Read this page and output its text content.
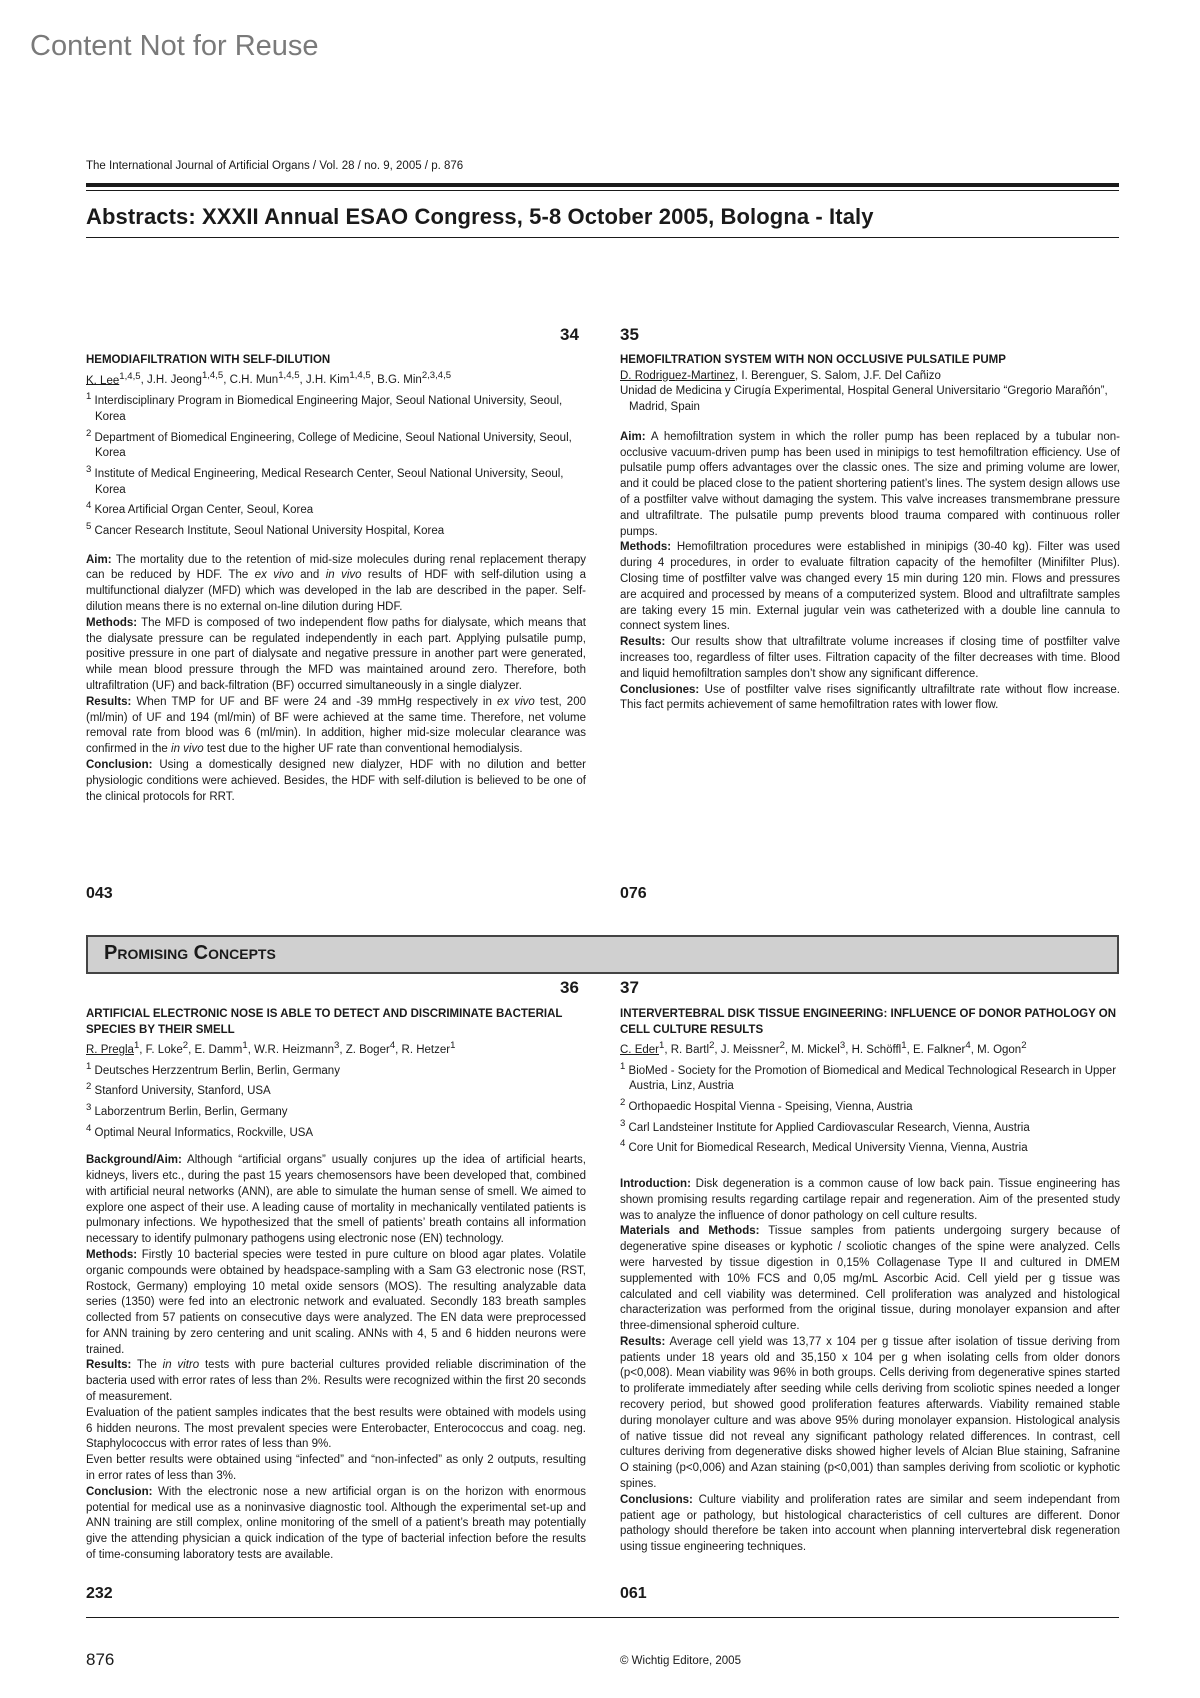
Content Not for Reuse
The International Journal of Artificial Organs / Vol. 28 / no. 9, 2005 / p. 876
Abstracts: XXXII Annual ESAO Congress, 5-8 October 2005, Bologna - Italy
34 35
HEMODIAFILTRATION WITH SELF-DILUTION

K. Lee$^{1,4,5}$, J.H. Jeong$^{1,4,5}$, C.H. Mun$^{1,4,5}$, J.H. Kim$^{1,4,5}$, B.G. Min$^{2,3,4,5}$

$^1$ Interdisciplinary Program in Biomedical Engineering Major, Seoul National University, Seoul, Korea

$^2$ Department of Biomedical Engineering, College of Medicine, Seoul National University, Seoul, Korea

$^3$ Institute of Medical Engineering, Medical Research Center, Seoul National University, Seoul, Korea

$^4$ Korea Artificial Organ Center, Seoul, Korea

$^5$ Cancer Research Institute, Seoul National University Hospital, Korea

Aim: The mortality due to the retention of mid-size molecules during renal replacement therapy can be reduced by HDF. The ex vivo and in vivo results of HDF with self-dilution using a multifunctional dialyzer (MFD) which was developed in the lab are described in the paper. Self-dilution means there is no external on-line dilution during HDF.

Methods: The MFD is composed of two independent flow paths for dialysate, which means that the dialysate pressure can be regulated independently in each part. Applying pulsatile pump, positive pressure in one part of dialysate and negative pressure in another part were generated, while mean blood pressure through the MFD was maintained around zero. Therefore, both ultrafiltration (UF) and back-filtration (BF) occurred simultaneously in a single dialyzer.

Results: When TMP for UF and BF were 24 and -39 mmHg respectively in ex vivo test, 200 (ml/min) of UF and 194 (ml/min) of BF were achieved at the same time. Therefore, net volume removal rate from blood was 6 (ml/min). In addition, higher mid-size molecular clearance was confirmed in the in vivo test due to the higher UF rate than conventional hemodialysis.

Conclusion: Using a domestically designed new dialyzer, HDF with no dilution and better physiologic conditions were achieved. Besides, the HDF with self-dilution is believed to be one of the clinical protocols for RRT.

HEMOFILTRATION SYSTEM WITH NON OCCLUSIVE PULSATILE PUMP

D. Rodriguez-Martinez, I. Berenguer, S. Salom, J.F. Del Cañizo

Unidad de Medicina y Cirugía Experimental, Hospital General Universitario “Gregorio Marañón”, Madrid, Spain

Aim: A hemofiltration system in which the roller pump has been replaced by a tubular non-occlusive vacuum-driven pump has been used in minipigs to test hemofiltration efficiency. Use of pulsatile pump offers advantages over the classic ones. The size and priming volume are lower, and it could be placed close to the patient shortering patient’s lines. The system design allows use of a postfilter valve without damaging the system. This valve increases transmembrane pressure and ultrafiltrate. The pulsatile pump prevents blood trauma compared with continuous roller pumps.

Methods: Hemofiltration procedures were established in minipigs (30-40 kg). Filter was used during 4 procedures, in order to evaluate filtration capacity of the hemofilter (Minifilter Plus). Closing time of postfilter valve was changed every 15 min during 120 min. Flows and pressures are acquired and processed by means of a computerized system. Blood and ultrafiltrate samples are taking every 15 min. External jugular vein was catheterized with a double line cannula to connect system lines.

Results: Our results show that ultrafiltrate volume increases if closing time of postfilter valve increases too, regardless of filter uses. Filtration capacity of the filter decreases with time. Blood and liquid hemofiltration samples don’t show any significant difference.

Conclusiones: Use of postfilter valve rises significantly ultrafiltrate rate without flow increase. This fact permits achievement of same hemofiltration rates with lower flow.

043	076
Promising Concepts
36 37
ARTIFICIAL ELECTRONIC NOSE IS ABLE TO DETECT AND DISCRIMINATE BACTERIAL SPECIES BY THEIR SMELL

R. Pregla$^1$, F. Loke$^2$, E. Damm$^1$, W.R. Heizmann$^3$, Z. Boger$^4$, R. Hetzer$^1$

$^1$ Deutsches Herzzentrum Berlin, Berlin, Germany

$^2$ Stanford University, Stanford, USA

$^3$ Laborzentrum Berlin, Berlin, Germany

$^4$ Optimal Neural Informatics, Rockville, USA

Background/Aim: Although “artificial organs” usually conjures up the idea of artificial hearts, kidneys, livers etc., during the past 15 years chemosensors have been developed that, combined with artificial neural networks (ANN), are able to simulate the human sense of smell. We aimed to explore one aspect of their use. A leading cause of mortality in mechanically ventilated patients is pulmonary infections. We hypothesized that the smell of patients’ breath contains all information necessary to identify pulmonary pathogens using electronic nose (EN) technology.

Methods: Firstly 10 bacterial species were tested in pure culture on blood agar plates. Volatile organic compounds were obtained by headspace-sampling with a Sam G3 electronic nose (RST, Rostock, Germany) employing 10 metal oxide sensors (MOS). The resulting analyzable data series (1350) were fed into an electronic network and evaluated. Secondly 183 breath samples collected from 57 patients on consecutive days were analyzed. The EN data were preprocessed for ANN training by zero centering and unit scaling. ANNs with 4, 5 and 6 hidden neurons were trained.

Results: The in vitro tests with pure bacterial cultures provided reliable discrimination of the bacteria used with error rates of less than 2%. Results were recognized within the first 20 seconds of measurement.

Evaluation of the patient samples indicates that the best results were obtained with models using 6 hidden neurons. The most prevalent species were Enterobacter, Enterococcus and coag. neg. Staphylococcus with error rates of less than 9%.

Even better results were obtained using “infected” and “non-infected” as only 2 outputs, resulting in error rates of less than 3%.

Conclusion: With the electronic nose a new artificial organ is on the horizon with enormous potential for medical use as a noninvasive diagnostic tool. Although the experimental set-up and ANN training are still complex, online monitoring of the smell of a patient’s breath may potentially give the attending physician a quick indication of the type of bacterial infection before the results of time-consuming laboratory tests are available.

INTERVERTEBRAL DISK TISSUE ENGINEERING: INFLUENCE OF DONOR PATHOLOGY ON CELL CULTURE RESULTS

C. Eder$^1$, R. Bartl$^2$, J. Meissner$^2$, M. Mickel$^3$, H. Schöffl$^1$, E. Falkner$^4$, M. Ogon$^2$

$^1$ BioMed - Society for the Promotion of Biomedical and Medical Technological Research in Upper Austria, Linz, Austria

$^2$ Orthopaedic Hospital Vienna - Speising, Vienna, Austria

$^3$ Carl Landsteiner Institute for Applied Cardiovascular Research, Vienna, Austria

$^4$ Core Unit for Biomedical Research, Medical University Vienna, Vienna, Austria

Introduction: Disk degeneration is a common cause of low back pain. Tissue engineering has shown promising results regarding cartilage repair and regeneration. Aim of the presented study was to analyze the influence of donor pathology on cell culture results.

Materials and Methods: Tissue samples from patients undergoing surgery because of degenerative spine diseases or kyphotic / scoliotic changes of the spine were analyzed. Cells were harvested by tissue digestion in 0,15% Collagenase Type II and cultured in DMEM supplemented with 10% FCS and 0,05 mg/mL Ascorbic Acid. Cell yield per g tissue was calculated and cell viability was determined. Cell proliferation was analyzed and histological characterization was performed from the original tissue, during monolayer expansion and after three-dimensional spheroid culture.

Results: Average cell yield was 13,77 x 104 per g tissue after isolation of tissue deriving from patients under 18 years old and 35,150 x 104 per g when isolating cells from older donors (p<0,008). Mean viability was 96% in both groups. Cells deriving from degenerative spines started to proliferate immediately after seeding while cells deriving from scoliotic spines needed a longer recovery period, but showed good proliferation features afterwards. Viability remained stable during monolayer culture and was above 95% during monolayer expansion. Histological analysis of native tissue did not reveal any significant pathology related differences. In contrast, cell cultures deriving from degenerative disks showed higher levels of Alcian Blue staining, Safranine O staining (p<0,006) and Azan staining (p<0,001) than samples deriving from scoliotic or kyphotic spines.

Conclusions: Culture viability and proliferation rates are similar and seem independant from patient age or pathology, but histological characteristics of cell cultures are different. Donor pathology should therefore be taken into account when planning intervertebral disk regeneration using tissue engineering techniques.

232	061
876	© Wichtig Editore, 2005
